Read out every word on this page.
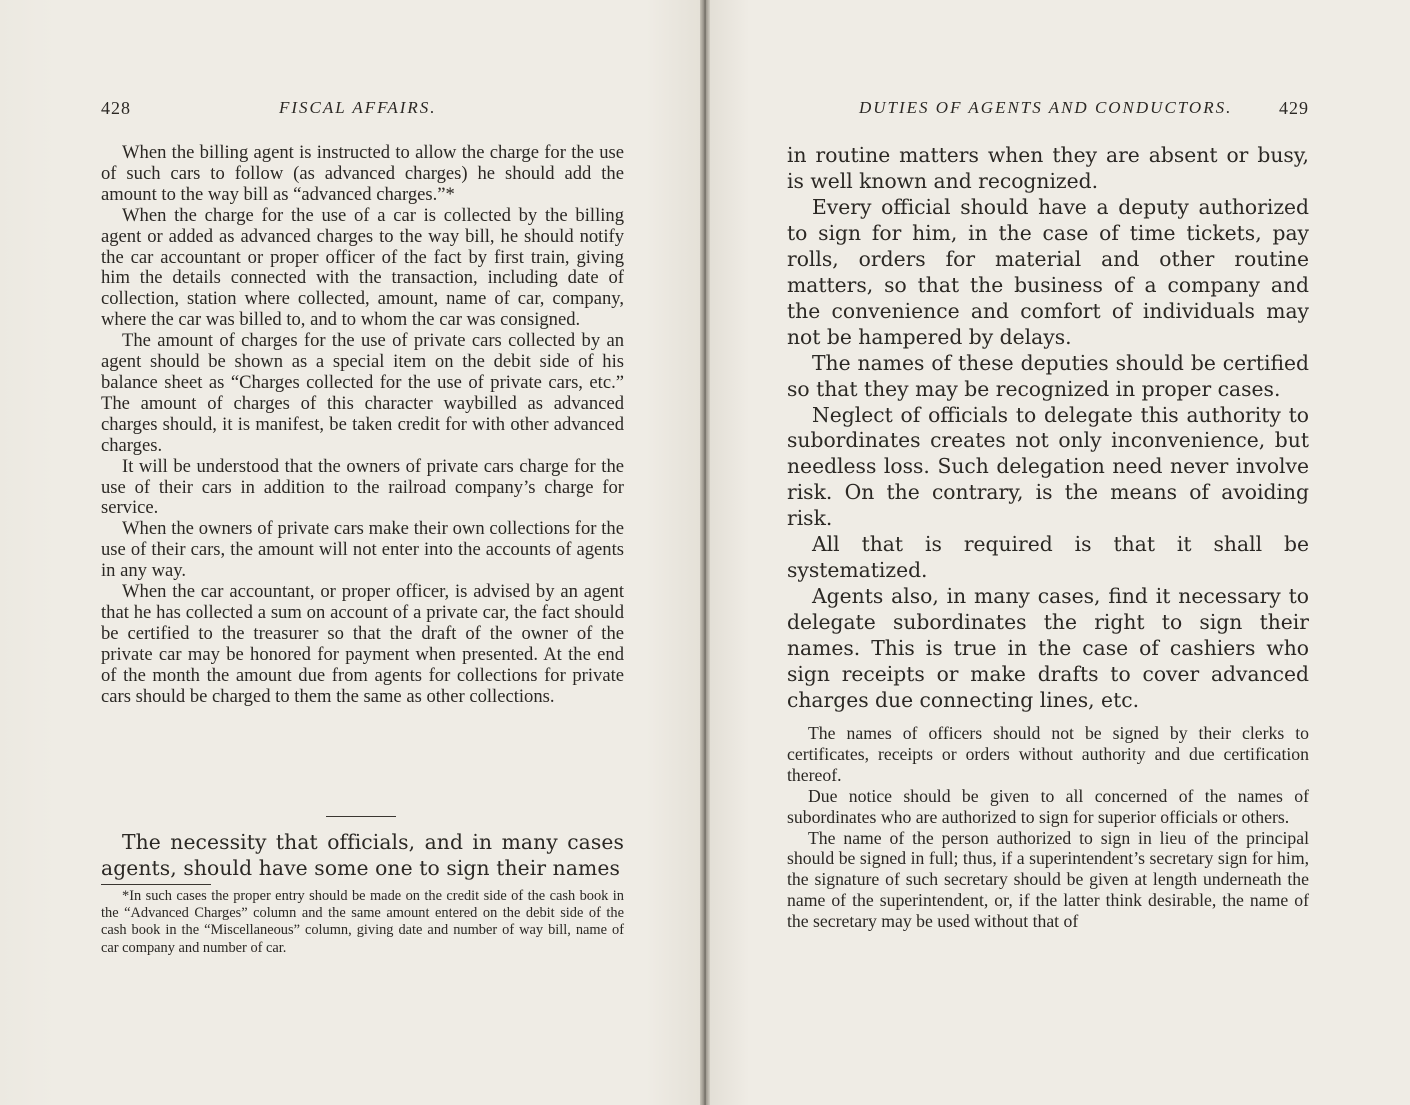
428	FISCAL AFFAIRS.

When the billing agent is instructed to allow the charge for the use of such cars to follow (as advanced charges) he should add the amount to the way bill as “advanced charges.”*

When the charge for the use of a car is collected by the billing agent or added as advanced charges to the way bill, he should notify the car accountant or proper officer of the fact by first train, giving him the details connected with the transaction, including date of collection, station where collected, amount, name of car, company, where the car was billed to, and to whom the car was consigned.

The amount of charges for the use of private cars collected by an agent should be shown as a special item on the debit side of his balance sheet as “Charges collected for the use of private cars, etc.” The amount of charges of this character waybilled as advanced charges should, it is manifest, be taken credit for with other advanced charges.

It will be understood that the owners of private cars charge for the use of their cars in addition to the railroad company’s charge for service.

When the owners of private cars make their own collections for the use of their cars, the amount will not enter into the accounts of agents in any way.

When the car accountant, or proper officer, is advised by an agent that he has collected a sum on account of a private car, the fact should be certified to the treasurer so that the draft of the owner of the private car may be honored for payment when presented. At the end of the month the amount due from agents for collections for private cars should be charged to them the same as other collections.

The necessity that officials, and in many cases agents, should have some one to sign their names
*In such cases the proper entry should be made on the credit side of the cash book in the “Advanced Charges” column and the same amount entered on the debit side of the cash book in the “Miscellaneous” column, giving date and number of way bill, name of car company and number of car.
DUTIES OF AGENTS AND CONDUCTORS.	429

in routine matters when they are absent or busy, is well known and recognized.

Every official should have a deputy authorized to sign for him, in the case of time tickets, pay rolls, orders for material and other routine matters, so that the business of a company and the convenience and comfort of individuals may not be hampered by delays.

The names of these deputies should be certified so that they may be recognized in proper cases.

Neglect of officials to delegate this authority to subordinates creates not only inconvenience, but needless loss. Such delegation need never involve risk. On the contrary, is the means of avoiding risk.

All that is required is that it shall be systematized.

Agents also, in many cases, find it necessary to delegate subordinates the right to sign their names. This is true in the case of cashiers who sign receipts or make drafts to cover advanced charges due connecting lines, etc.

The names of officers should not be signed by their clerks to certificates, receipts or orders without authority and due certification thereof.

Due notice should be given to all concerned of the names of subordinates who are authorized to sign for superior officials or others.

The name of the person authorized to sign in lieu of the principal should be signed in full; thus, if a superintendent’s secretary sign for him, the signature of such secretary should be given at length underneath the name of the superintendent, or, if the latter think desirable, the name of the secretary may be used without that of
